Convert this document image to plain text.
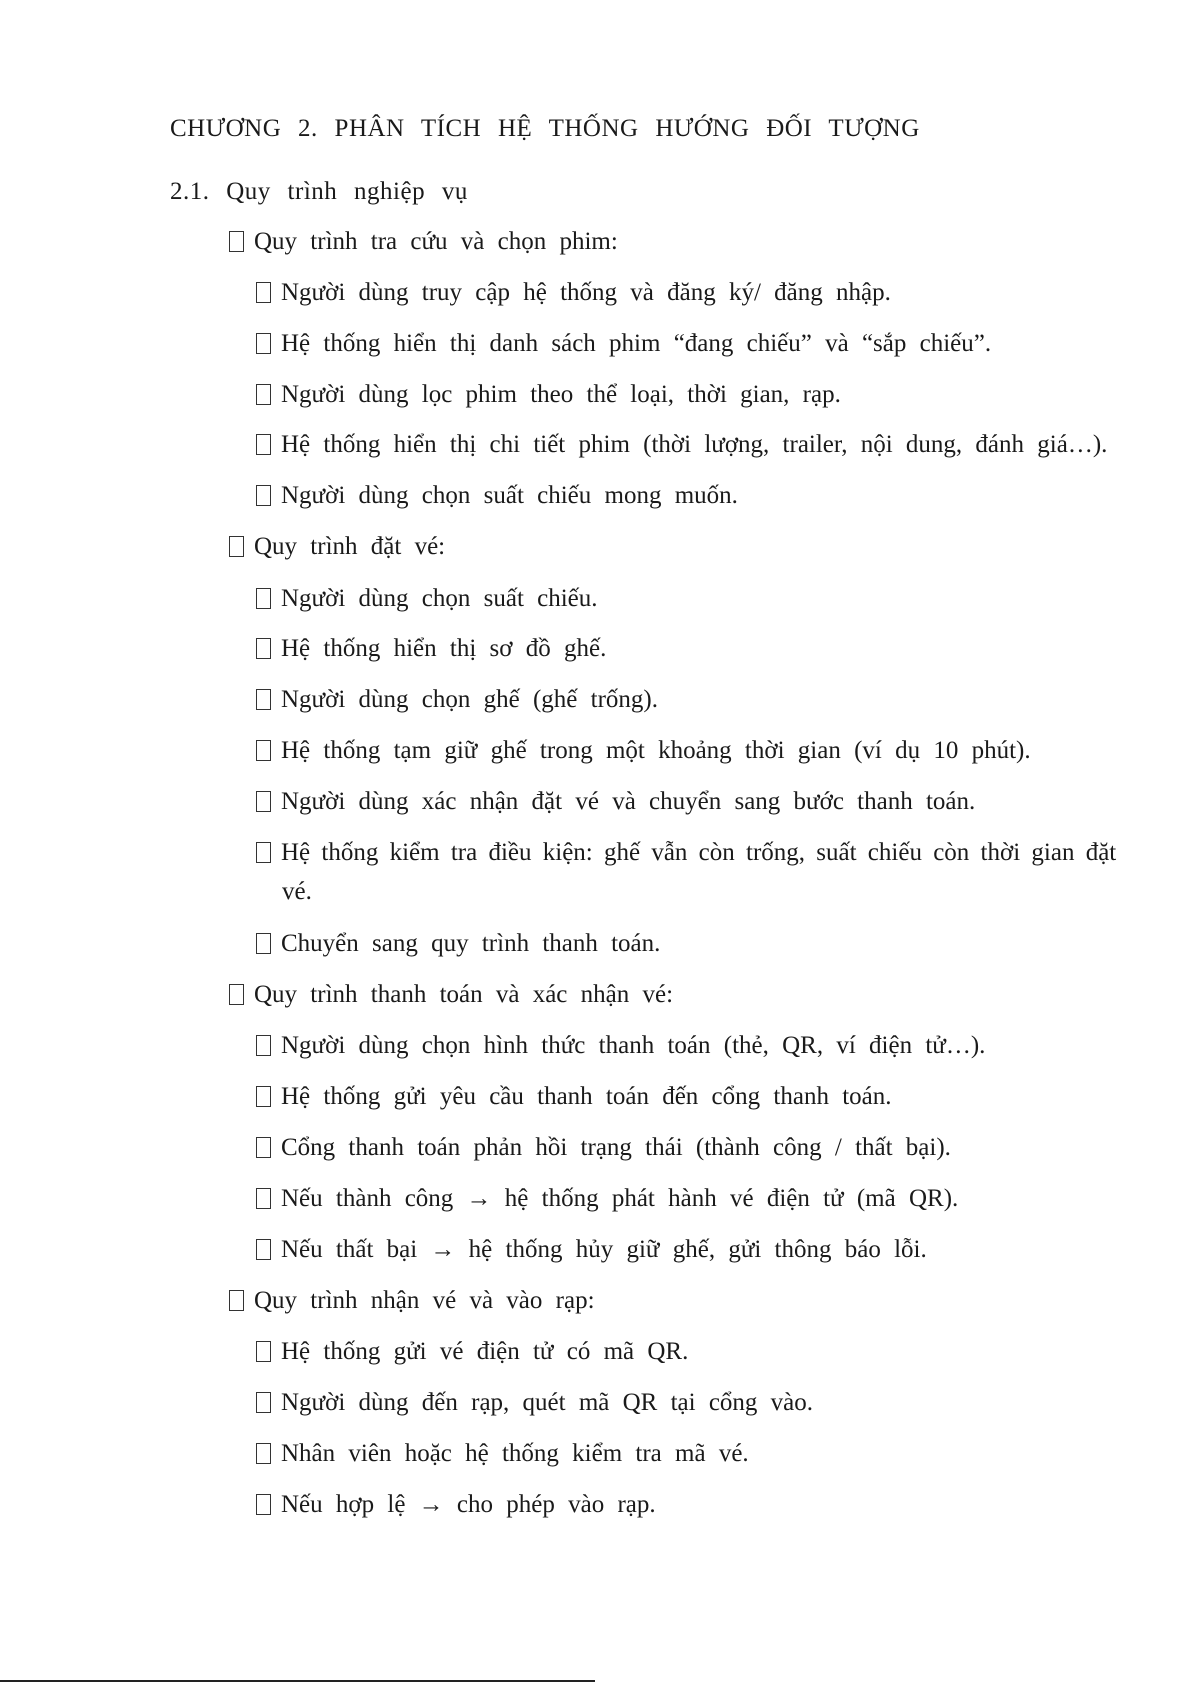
CHƯƠNG 2. PHÂN TÍCH HỆ THỐNG HƯỚNG ĐỐI TƯỢNG
2.1. Quy trình nghiệp vụ
Quy trình tra cứu và chọn phim:
Người dùng truy cập hệ thống và đăng ký/ đăng nhập.
Hệ thống hiển thị danh sách phim “đang chiếu” và “sắp chiếu”.
Người dùng lọc phim theo thể loại, thời gian, rạp.
Hệ thống hiển thị chi tiết phim (thời lượng, trailer, nội dung, đánh giá…).
Người dùng chọn suất chiếu mong muốn.
Quy trình đặt vé:
Người dùng chọn suất chiếu.
Hệ thống hiển thị sơ đồ ghế.
Người dùng chọn ghế (ghế trống).
Hệ thống tạm giữ ghế trong một khoảng thời gian (ví dụ 10 phút).
Người dùng xác nhận đặt vé và chuyển sang bước thanh toán.
Hệ thống kiểm tra điều kiện: ghế vẫn còn trống, suất chiếu còn thời gian đặt
vé.
Chuyển sang quy trình thanh toán.
Quy trình thanh toán và xác nhận vé:
Người dùng chọn hình thức thanh toán (thẻ, QR, ví điện tử…).
Hệ thống gửi yêu cầu thanh toán đến cổng thanh toán.
Cổng thanh toán phản hồi trạng thái (thành công / thất bại).
Nếu thành công → hệ thống phát hành vé điện tử (mã QR).
Nếu thất bại → hệ thống hủy giữ ghế, gửi thông báo lỗi.
Quy trình nhận vé và vào rạp:
Hệ thống gửi vé điện tử có mã QR.
Người dùng đến rạp, quét mã QR tại cổng vào.
Nhân viên hoặc hệ thống kiểm tra mã vé.
Nếu hợp lệ → cho phép vào rạp.
